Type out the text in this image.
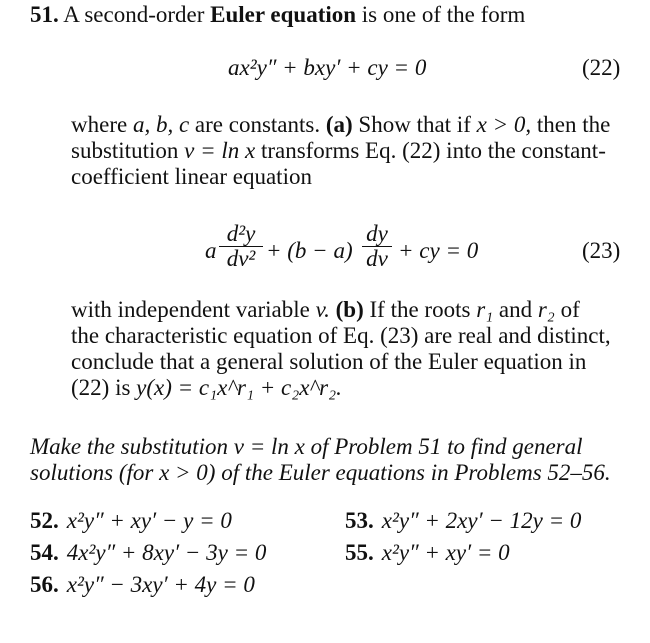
51. A second-order Euler equation is one of the form
ax²y″ + bxy′ + cy = 0	(22)
where a, b, c are constants. (a) Show that if x > 0, then the
substitution v = ln x transforms Eq. (22) into the constant-
coefficient linear equation
a $\frac{\text{d²y}}{\text{dv²}} + (b - a) \frac{dy}{dv}$ + cy = 0	(23)
with independent variable v. (b) If the roots r₁ and r₂ of
the characteristic equation of Eq. (23) are real and distinct,
conclude that a general solution of the Euler equation in
(22) is y(x) = c₁x^r₁ + c₂x^r₂.
Make the substitution v = ln x of Problem 51 to find general
solutions (for x > 0) of the Euler equations in Problems 52–56.
52. x²y″ + xy′ − y = 0	53. x²y″ + 2xy′ − 12y = 0
54. 4x²y″ + 8xy′ − 3y = 0	55. x²y″ + xy′ = 0
56. x²y″ − 3xy′ + 4y = 0
